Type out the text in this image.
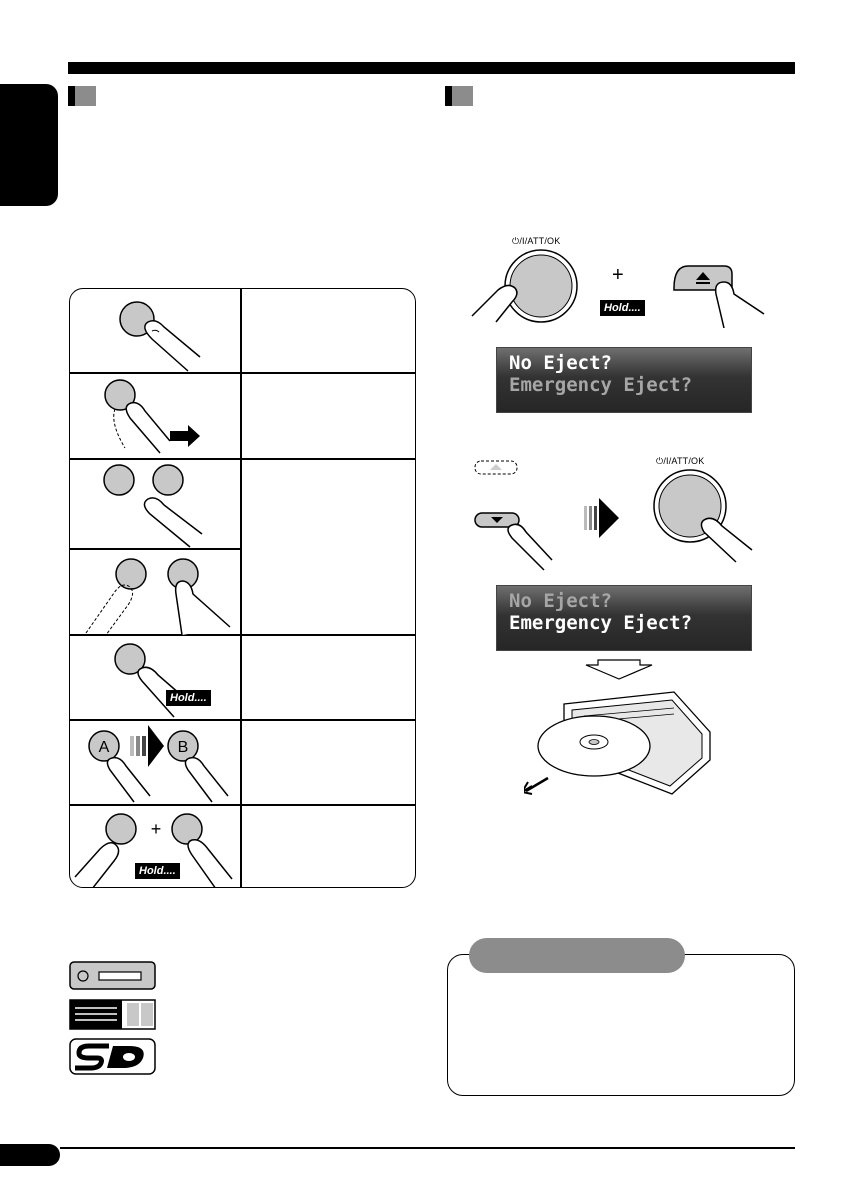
Hold....
A	B
+
Hold....
⏻/I/ATT/OK
+
Hold....
No Eject?
Emergency Eject?
⏻/I/ATT/OK
No Eject?
Emergency Eject?
